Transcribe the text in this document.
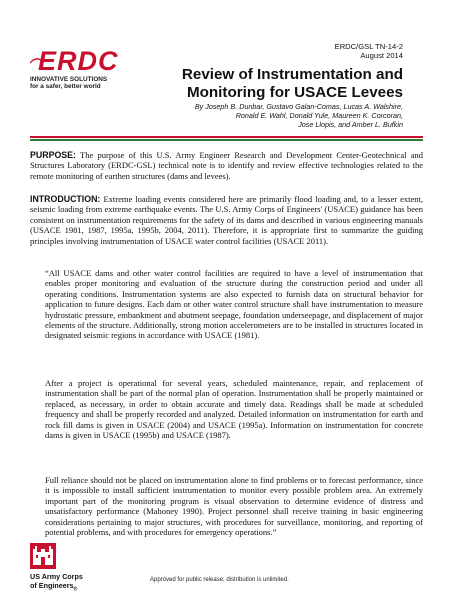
ERDC
INNOVATIVE SOLUTIONS
for a safer, better world
ERDC/GSL TN-14-2
August 2014
Review of Instrumentation and
Monitoring for USACE Levees
By Joseph B. Dunbar, Gustavo Galan-Comas, Lucas A. Walshire,
Ronald E. Wahl, Donald Yule, Maureen K. Corcoran,
Jose Llopis, and Amber L. Bufkin

PURPOSE: The purpose of this U.S. Army Engineer Research and Development Center-Geotechnical and Structures Laboratory (ERDC-GSL) technical note is to identify and review effective technologies related to the remote monitoring of earthen structures (dams and levees).

INTRODUCTION: Extreme loading events considered here are primarily flood loading and, to a lesser extent, seismic loading from extreme earthquake events. The U.S. Army Corps of Engineers' (USACE) guidance has been consistent on instrumentation requirements for the safety of its dams and described in various engineering manuals (USACE 1981, 1987, 1995a, 1995b, 2004, 2011). Therefore, it is appropriate first to summarize the guiding principles involving instrumentation of USACE water control facilities (USACE 2011).

“All USACE dams and other water control facilities are required to have a level of instrumentation that enables proper monitoring and evaluation of the structure during the construction period and under all operating conditions. Instrumentation systems are also expected to furnish data on structural behavior for application to future designs. Each dam or other water control structure shall have instrumentation to measure hydrostatic pressure, embankment and abutment seepage, foundation underseepage, and displacement of major elements of the structure. Additionally, strong motion accelerometers are to be installed in structures located in designated seismic regions in accordance with USACE (1981).

After a project is operational for several years, scheduled maintenance, repair, and replacement of instrumentation shall be part of the normal plan of operation. Instrumentation shall be properly maintained or replaced, as necessary, in order to obtain accurate and timely data. Readings shall be made at scheduled frequency and shall be properly recorded and analyzed. Detailed information on instrumentation for earth and rock fill dams is given in USACE (2004) and USACE (1995a). Information on instrumentation for concrete dams is given in USACE (1995b) and USACE (1987).

Full reliance should not be placed on instrumentation alone to find problems or to forecast performance, since it is impossible to install sufficient instrumentation to monitor every possible problem area. An extremely important part of the monitoring program is visual observation to determine evidence of distress and unsatisfactory performance (Mahoney 1990). Project personnel shall receive training in basic engineering considerations pertaining to major structures, with procedures for surveillance, monitoring, and reporting of potential problems, and with procedures for emergency operations.”

US Army Corps
of Engineers$_®$
Approved for public release; distribution is unlimited.
